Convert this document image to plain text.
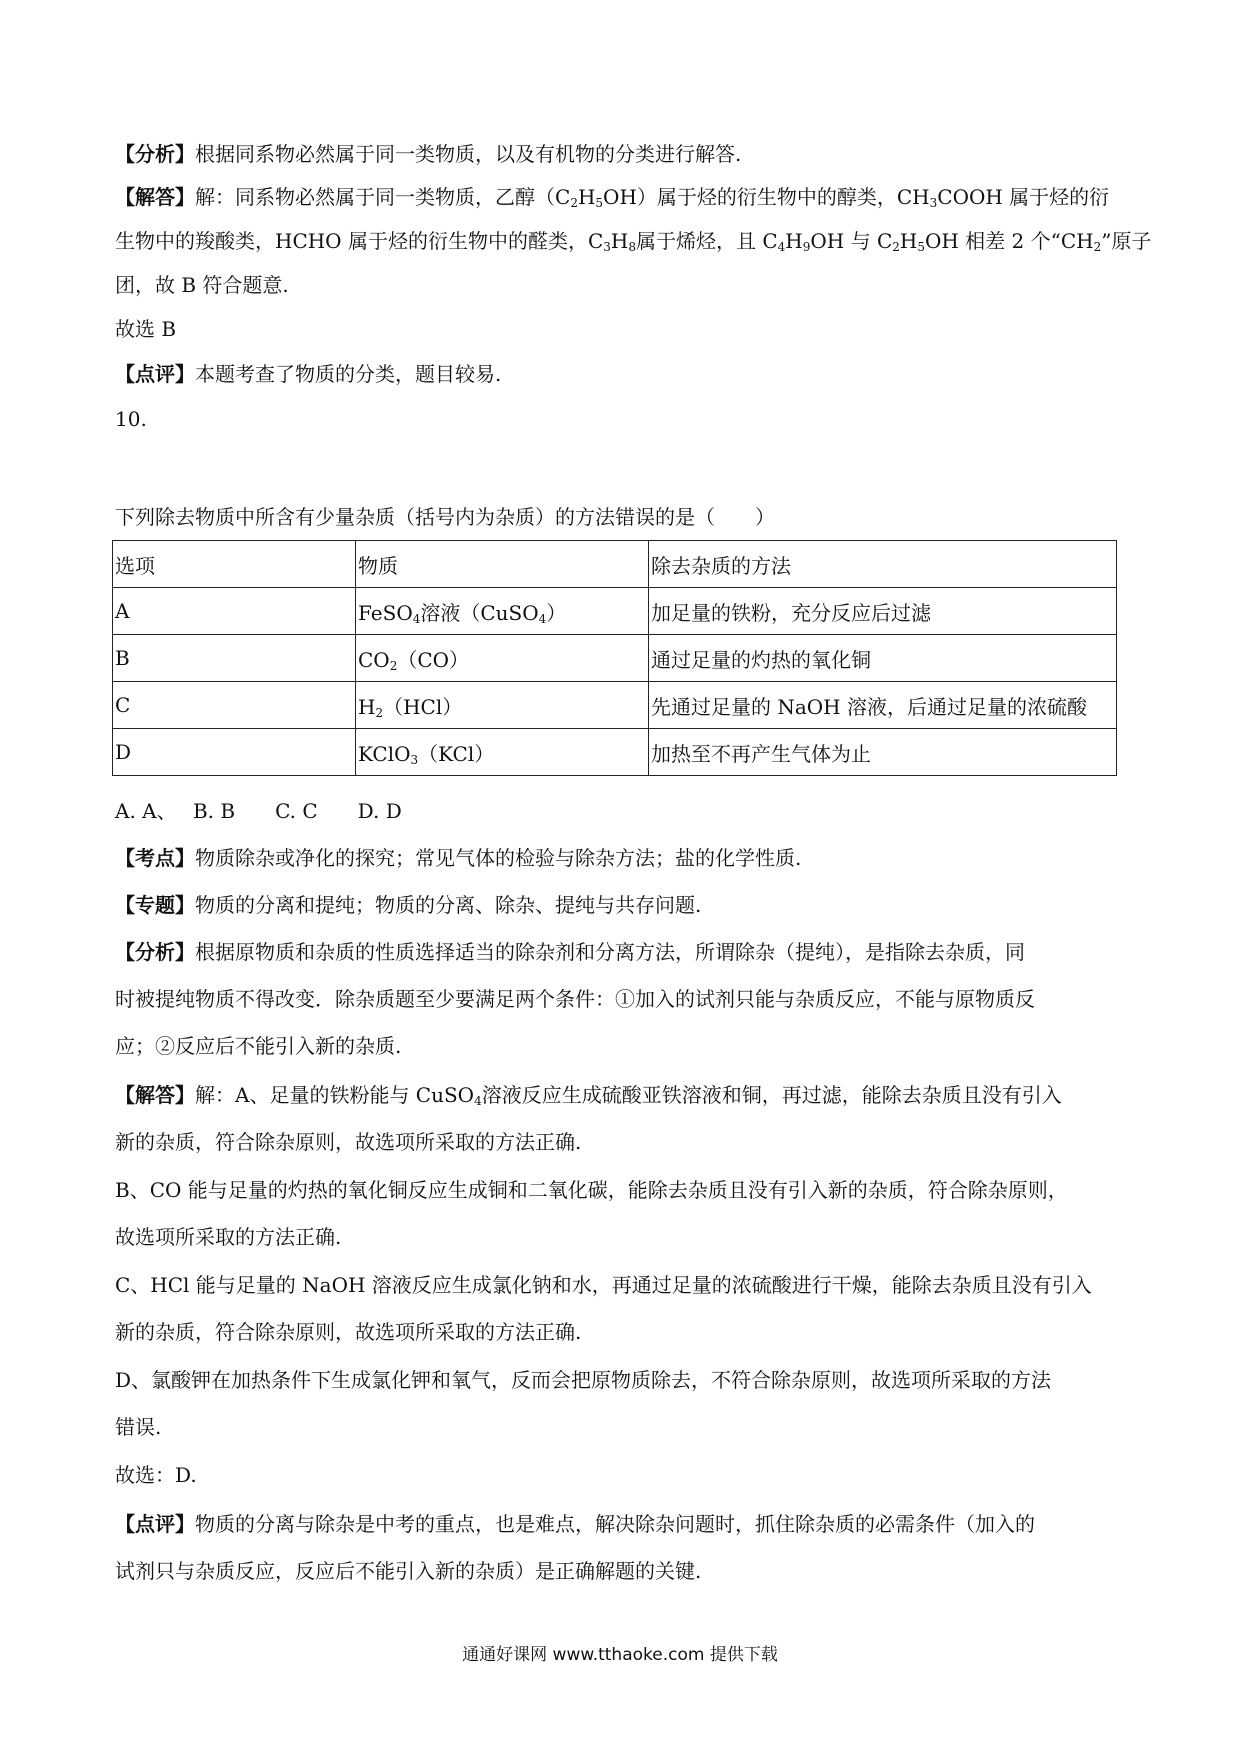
【分析】根据同系物必然属于同一类物质，以及有机物的分类进行解答.

【解答】解：同系物必然属于同一类物质，乙醇$(C_2H_5OH)$属于烃的衍生物中的醇类，$CH_3COOH$ 属于烃的衍

生物中的羧酸类，HCHO 属于烃的衍生物中的醛类，$C_3H_8$属于烯烃，且 $C_4H_9OH$ 与 $C_2H_5OH$ 相差 2 个“$CH_2$”原子

团，故 B 符合题意.

故选 B

【点评】本题考查了物质的分类，题目较易.

10.

下列除去物质中所含有少量杂质（括号内为杂质）的方法错误的是（　　）

选项	物质	除去杂质的方法
A	FeSO$_4$溶液（CuSO$_4$）	加足量的铁粉，充分反应后过滤
B	$CO_2(CO)$	通过足量的灼热的氧化铜
C	$H_2(HCl)$	先通过足量的 NaOH 溶液，后通过足量的浓硫酸
D	KClO$_3$（KCl）	加热至不再产生气体为止

A. A、　 B. B　　C. C　　D. D

【考点】物质除杂或净化的探究；常见气体的检验与除杂方法；盐的化学性质.

【专题】物质的分离和提纯；物质的分离、除杂、提纯与共存问题.

【分析】根据原物质和杂质的性质选择适当的除杂剂和分离方法，所谓除杂（提纯），是指除去杂质，同

时被提纯物质不得改变．除杂质题至少要满足两个条件：①加入的试剂只能与杂质反应，不能与原物质反

应；②反应后不能引入新的杂质.

【解答】解：A、足量的铁粉能与 CuSO$_4$溶液反应生成硫酸亚铁溶液和铜，再过滤，能除去杂质且没有引入

新的杂质，符合除杂原则，故选项所采取的方法正确.

B、CO 能与足量的灼热的氧化铜反应生成铜和二氧化碳，能除去杂质且没有引入新的杂质，符合除杂原则，

故选项所采取的方法正确.

C、HCl 能与足量的 NaOH 溶液反应生成氯化钠和水，再通过足量的浓硫酸进行干燥，能除去杂质且没有引入

新的杂质，符合除杂原则，故选项所采取的方法正确.

D、氯酸钾在加热条件下生成氯化钾和氧气，反而会把原物质除去，不符合除杂原则，故选项所采取的方法

错误.

故选：D.

【点评】物质的分离与除杂是中考的重点，也是难点，解决除杂问题时，抓住除杂质的必需条件（加入的

试剂只与杂质反应，反应后不能引入新的杂质）是正确解题的关键.

通通好课网 www.tthaoke.com 提供下载
